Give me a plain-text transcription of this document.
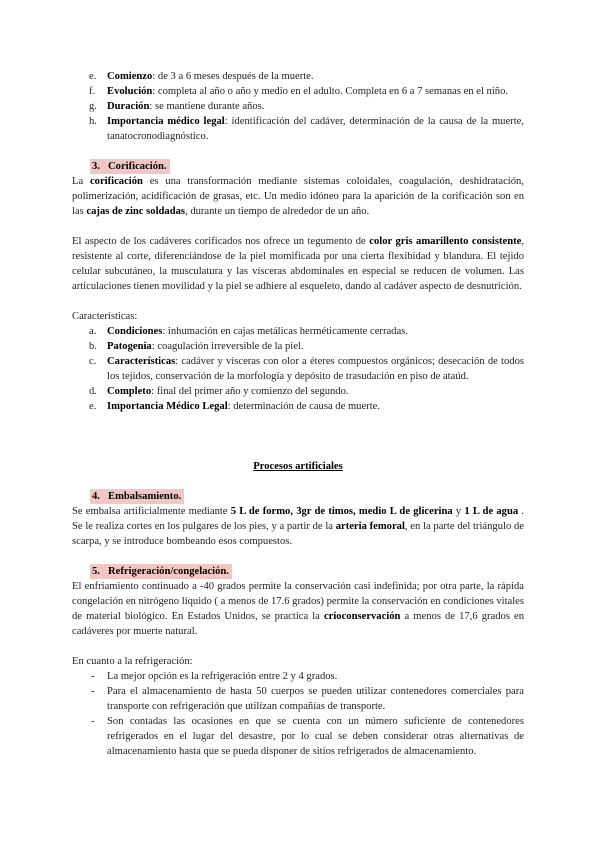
e. Comienzo: de 3 a 6 meses después de la muerte.

f. Evolución: completa al año o año y medio en el adulto. Completa en 6 a 7 semanas en el niño.

g. Duración: se mantiene durante años.

h. Importancia médico legal: identificación del cadáver, determinación de la causa de la muerte, tanatocronodiagnóstico.

3. Corificación.

La corificación es una transformación mediante sistemas coloidales, coagulación, deshidratación, polimerización, acidificación de grasas, etc. Un medio idóneo para la aparición de la corificación son en las cajas de zinc soldadas, durante un tiempo de alrededor de un año.

El aspecto de los cadáveres corificados nos ofrece un tegumento de color gris amarillento consistente, resistente al corte, diferenciándose de la piel momificada por una cierta flexibidad y blandura. El tejido celular subcutáneo, la musculatura y las vísceras abdominales en especial se reducen de volumen. Las articulaciones tienen movilidad y la piel se adhiere al esqueleto, dando al cadáver aspecto de desnutrición.

Características:

a. Condiciones: inhumación en cajas metálicas herméticamente cerradas.

b. Patogenia: coagulación irreversible de la piel.

c. Características: cadáver y vísceras con olor a éteres compuestos orgánicos; desecación de todos los tejidos, conservación de la morfología y depósito de trasudación en piso de ataúd.

d. Completo: final del primer año y comienzo del segundo.

e. Importancia Médico Legal: determinación de causa de muerte.

Procesos artificiales

4. Embalsamiento.

Se embalsa artificialmente mediante 5 L de formo, 3gr de timos, medio L de glicerina y 1 L de agua . Se le realiza cortes en los pulgares de los pies, y a partir de la arteria femoral, en la parte del triángulo de scarpa, y se introduce bombeando esos compuestos.

5. Refrigeración/congelación.

El enfriamiento continuado a -40 grados permite la conservación casi indefinida; por otra parte, la rápida congelación en nitrógeno líquido ( a menos de 17.6 grados) permite la conservación en condiciones vitales de material biológico. En Estados Unidos, se practica la crioconservación a menos de 17,6 grados en cadáveres por muerte natural.

En cuanto a la refrigeración:

- La mejor opción es la refrigeración entre 2 y 4 grados.

- Para el almacenamiento de hasta 50 cuerpos se pueden utilizar contenedores comerciales para transporte con refrigeración que utilizan compañías de transporte.

- Son contadas las ocasiones en que se cuenta con un número suficiente de contenedores refrigerados en el lugar del desastre, por lo cual se deben considerar otras alternativas de almacenamiento hasta que se pueda disponer de sitios refrigerados de almacenamiento.
